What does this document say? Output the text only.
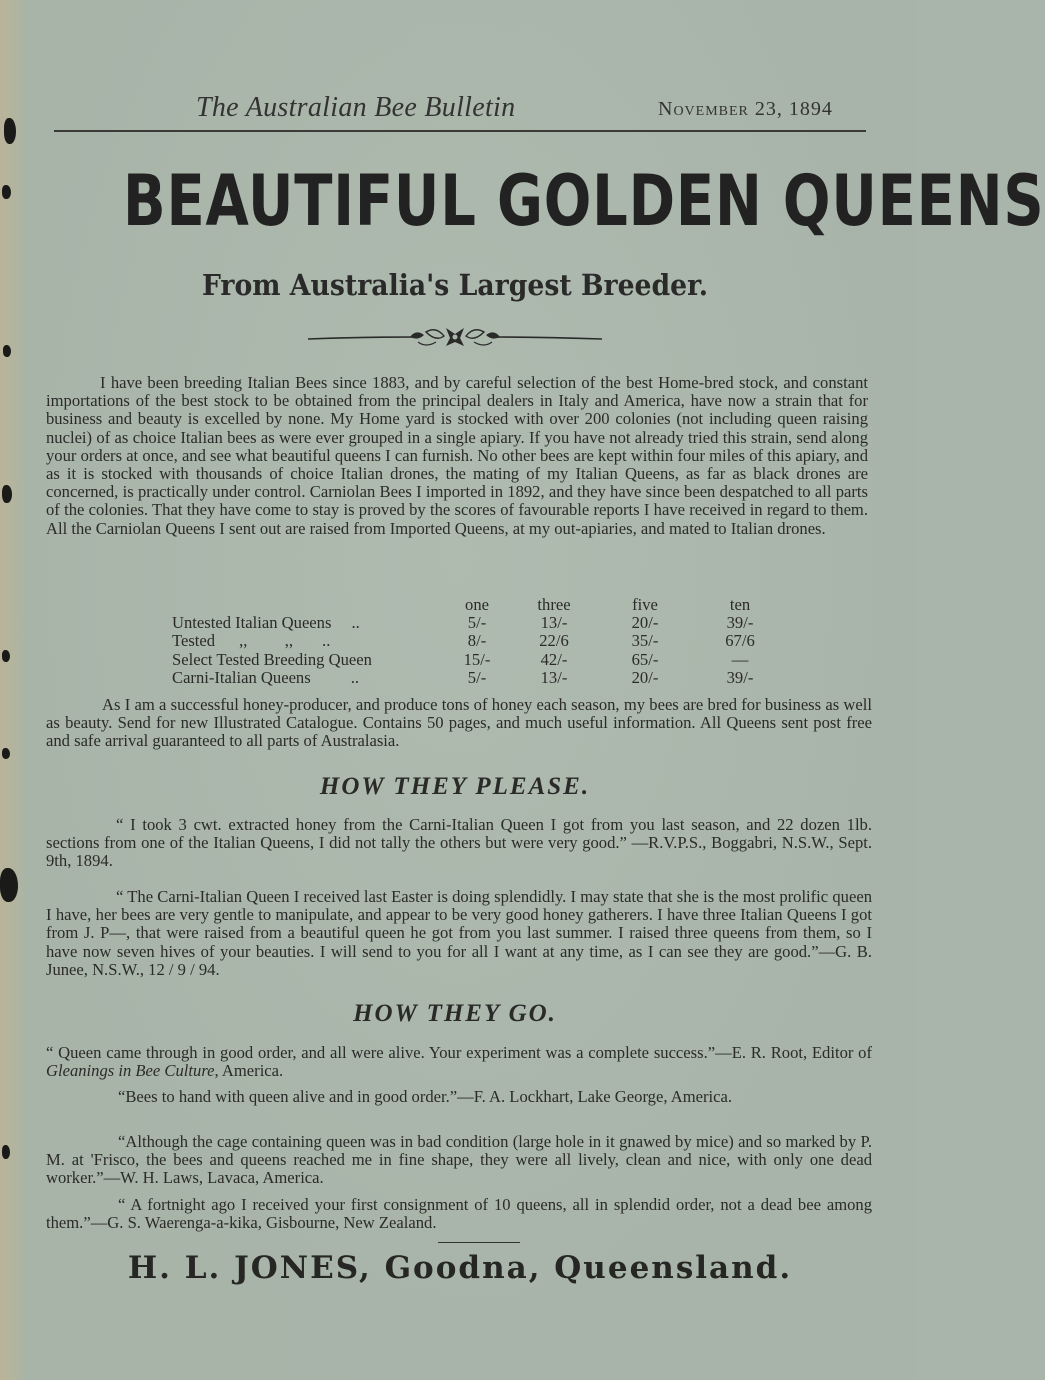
The Australian Bee Bulletin	November 23, 1894
BEAUTIFUL GOLDEN QUEENS
From Australia's Largest Breeder.
I have been breeding Italian Bees since 1883, and by careful selection of the best Home-bred stock, and constant importations of the best stock to be obtained from the principal dealers in Italy and America, have now a strain that for business and beauty is excelled by none. My Home yard is stocked with over 200 colonies (not including queen raising nuclei) of as choice Italian bees as were ever grouped in a single apiary. If you have not already tried this strain, send along your orders at once, and see what beautiful queens I can furnish. No other bees are kept within four miles of this apiary, and as it is stocked with thousands of choice Italian drones, the mating of my Italian Queens, as far as black drones are concerned, is practically under control. Carniolan Bees I imported in 1892, and they have since been despatched to all parts of the colonies. That they have come to stay is proved by the scores of favourable reports I have received in regard to them. All the Carniolan Queens I sent out are raised from Imported Queens, at my out-apiaries, and mated to Italian drones.
	one	three	five	ten
Untested Italian Queens ..	5/-	13/-	20/-	39/-
Tested ,,         ,,       ..	8/-	22/6	35/-	67/6
Select Tested Breeding Queen	15/-	42/-	65/-	—
Carni-Italian Queens ..	5/-	13/-	20/-	39/-
As I am a successful honey-producer, and produce tons of honey each season, my bees are bred for business as well as beauty. Send for new Illustrated Catalogue. Contains 50 pages, and much useful information. All Queens sent post free and safe arrival guaranteed to all parts of Australasia.
HOW THEY PLEASE.
“ I took 3 cwt. extracted honey from the Carni-Italian Queen I got from you last season, and 22 dozen 1lb. sections from one of the Italian Queens, I did not tally the others but were very good.” —R.V.P.S., Boggabri, N.S.W., Sept. 9th, 1894.
“ The Carni-Italian Queen I received last Easter is doing splendidly. I may state that she is the most prolific queen I have, her bees are very gentle to manipulate, and appear to be very good honey gatherers. I have three Italian Queens I got from J. P—, that were raised from a beautiful queen he got from you last summer. I raised three queens from them, so I have now seven hives of your beauties. I will send to you for all I want at any time, as I can see they are good.”—G. B. Junee, N.S.W., 12 / 9 / 94.
HOW THEY GO.
“ Queen came through in good order, and all were alive. Your experiment was a complete success.”—E. R. Root, Editor of Gleanings in Bee Culture, America.
“Bees to hand with queen alive and in good order.”—F. A. Lockhart, Lake George, America.
“Although the cage containing queen was in bad condition (large hole in it gnawed by mice) and so marked by P. M. at 'Frisco, the bees and queens reached me in fine shape, they were all lively, clean and nice, with only one dead worker.”—W. H. Laws, Lavaca, America.
“ A fortnight ago I received your first consignment of 10 queens, all in splendid order, not a dead bee among them.”—G. S. Waerenga-a-kika, Gisbourne, New Zealand.
H. L. JONES, Goodna, Queensland.
